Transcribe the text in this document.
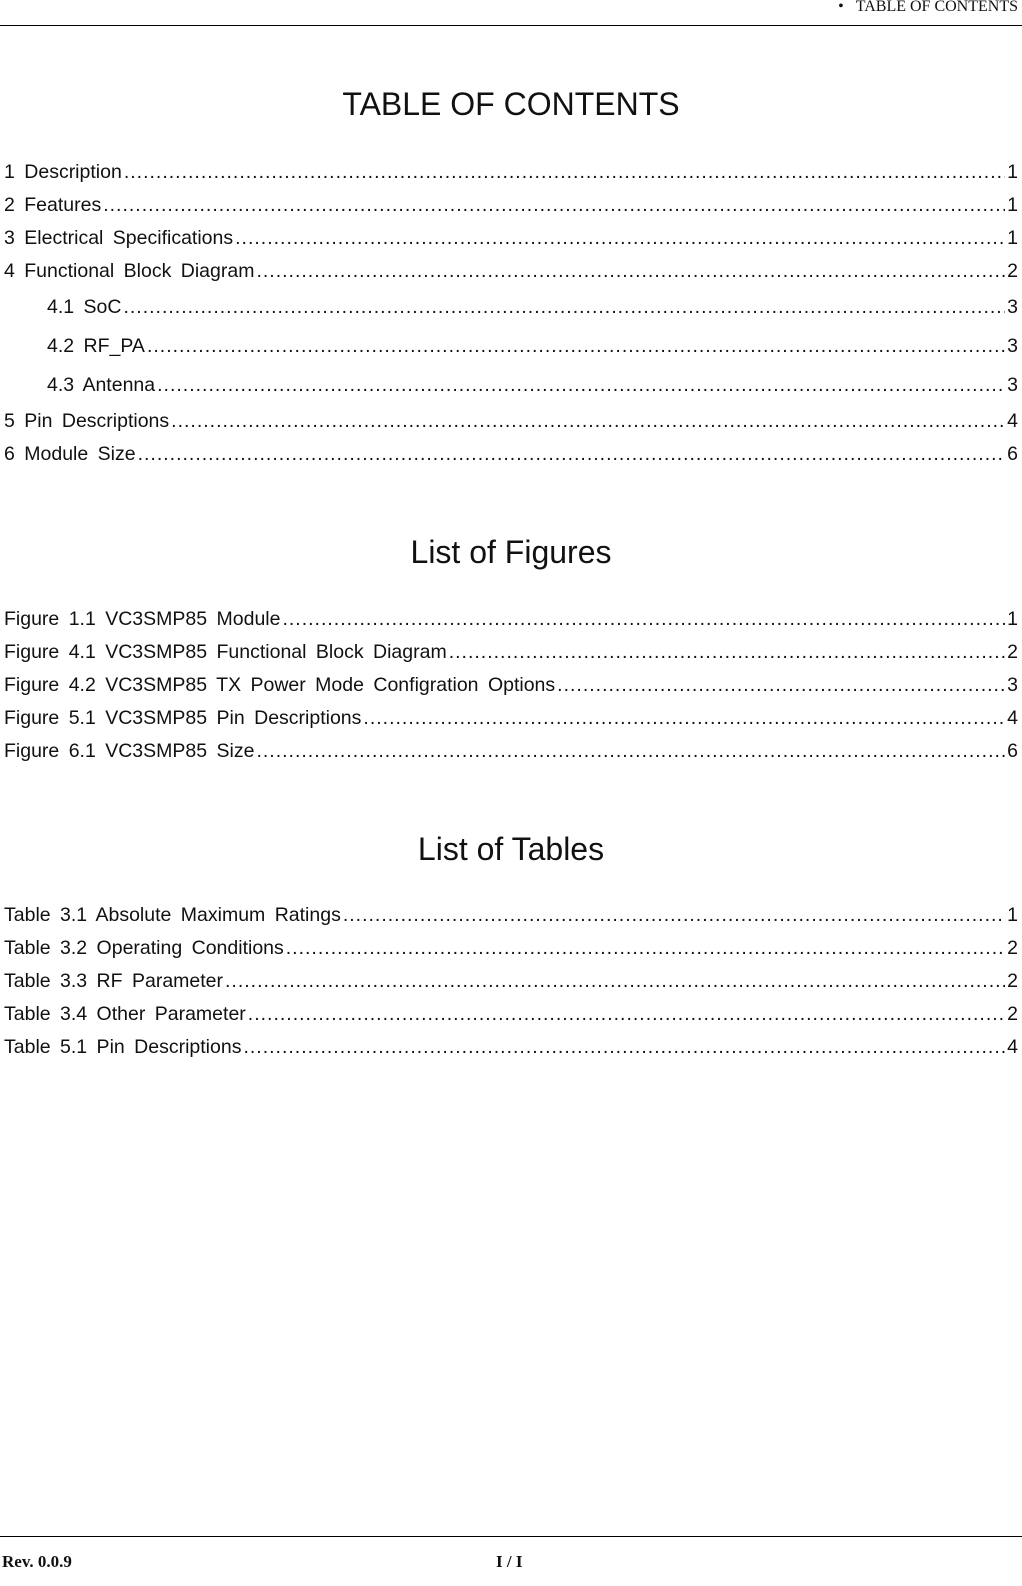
• TABLE OF CONTENTS
TABLE OF CONTENTS
1 Description .....	1
2 Features .....	1
3 Electrical Specifications .....	1
4 Functional Block Diagram .....	2
4.1 SoC .....	3
4.2 RF_PA .....	3
4.3 Antenna .....	3
5 Pin Descriptions .....	4
6 Module Size .....	6
List of Figures
Figure 1.1 VC3SMP85 Module .....	1
Figure 4.1 VC3SMP85 Functional Block Diagram .....	2
Figure 4.2 VC3SMP85 TX Power Mode Configration Options .....	3
Figure 5.1 VC3SMP85 Pin Descriptions .....	4
Figure 6.1 VC3SMP85 Size .....	6
List of Tables
Table 3.1 Absolute Maximum Ratings .....	1
Table 3.2 Operating Conditions .....	2
Table 3.3 RF Parameter .....	2
Table 3.4 Other Parameter .....	2
Table 5.1 Pin Descriptions .....	4
Rev. 0.0.9	I / I
